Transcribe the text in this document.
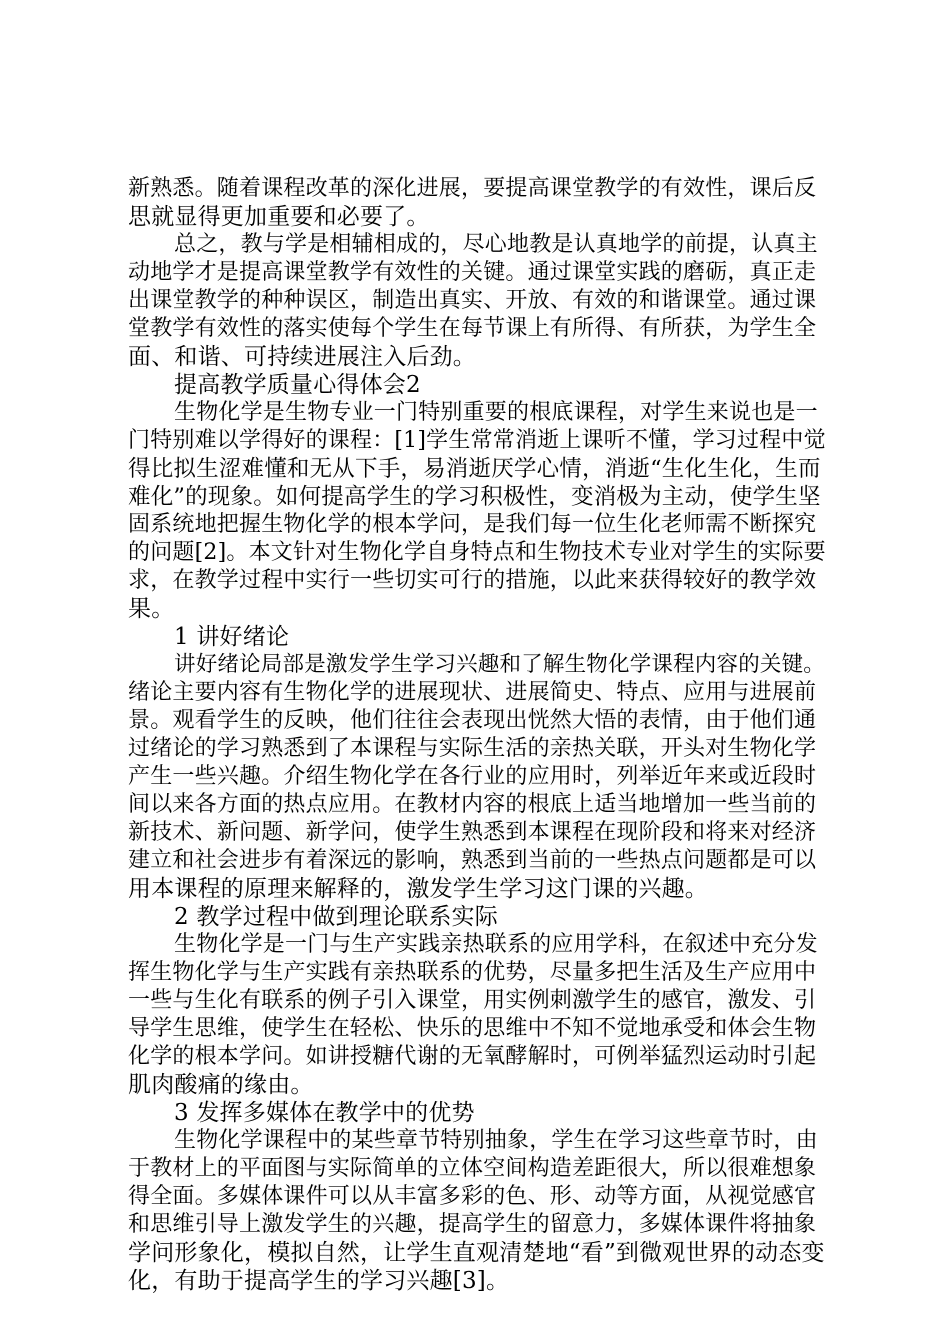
新熟悉。随着课程改革的深化进展，要提高课堂教学的有效性，课后反
思就显得更加重要和必要了。
总之，教与学是相辅相成的，尽心地教是认真地学的前提，认真主
动地学才是提高课堂教学有效性的关键。通过课堂实践的磨砺，真正走
出课堂教学的种种误区，制造出真实、开放、有效的和谐课堂。通过课
堂教学有效性的落实使每个学生在每节课上有所得、有所获，为学生全
面、和谐、可持续进展注入后劲。
提高教学质量心得体会2
生物化学是生物专业一门特别重要的根底课程，对学生来说也是一
门特别难以学得好的课程：[1]学生常常消逝上课听不懂，学习过程中觉
得比拟生涩难懂和无从下手，易消逝厌学心情，消逝“生化生化，生而
难化”的现象。如何提高学生的学习积极性，变消极为主动，使学生坚
固系统地把握生物化学的根本学问，是我们每一位生化老师需不断探究
的问题[2]。本文针对生物化学自身特点和生物技术专业对学生的实际要
求，在教学过程中实行一些切实可行的措施，以此来获得较好的教学效
果。
1 讲好绪论
讲好绪论局部是激发学生学习兴趣和了解生物化学课程内容的关键。
绪论主要内容有生物化学的进展现状、进展简史、特点、应用与进展前
景。观看学生的反映，他们往往会表现出恍然大悟的表情，由于他们通
过绪论的学习熟悉到了本课程与实际生活的亲热关联，开头对生物化学
产生一些兴趣。介绍生物化学在各行业的应用时，列举近年来或近段时
间以来各方面的热点应用。在教材内容的根底上适当地增加一些当前的
新技术、新问题、新学问，使学生熟悉到本课程在现阶段和将来对经济
建立和社会进步有着深远的影响，熟悉到当前的一些热点问题都是可以
用本课程的原理来解释的，激发学生学习这门课的兴趣。
2 教学过程中做到理论联系实际
生物化学是一门与生产实践亲热联系的应用学科，在叙述中充分发
挥生物化学与生产实践有亲热联系的优势，尽量多把生活及生产应用中
一些与生化有联系的例子引入课堂，用实例刺激学生的感官，激发、引
导学生思维，使学生在轻松、快乐的思维中不知不觉地承受和体会生物
化学的根本学问。如讲授糖代谢的无氧酵解时，可例举猛烈运动时引起
肌肉酸痛的缘由。
3 发挥多媒体在教学中的优势
生物化学课程中的某些章节特别抽象，学生在学习这些章节时，由
于教材上的平面图与实际简单的立体空间构造差距很大，所以很难想象
得全面。多媒体课件可以从丰富多彩的色、形、动等方面，从视觉感官
和思维引导上激发学生的兴趣，提高学生的留意力，多媒体课件将抽象
学问形象化，模拟自然，让学生直观清楚地“看”到微观世界的动态变
化，有助于提高学生的学习兴趣[3]。
